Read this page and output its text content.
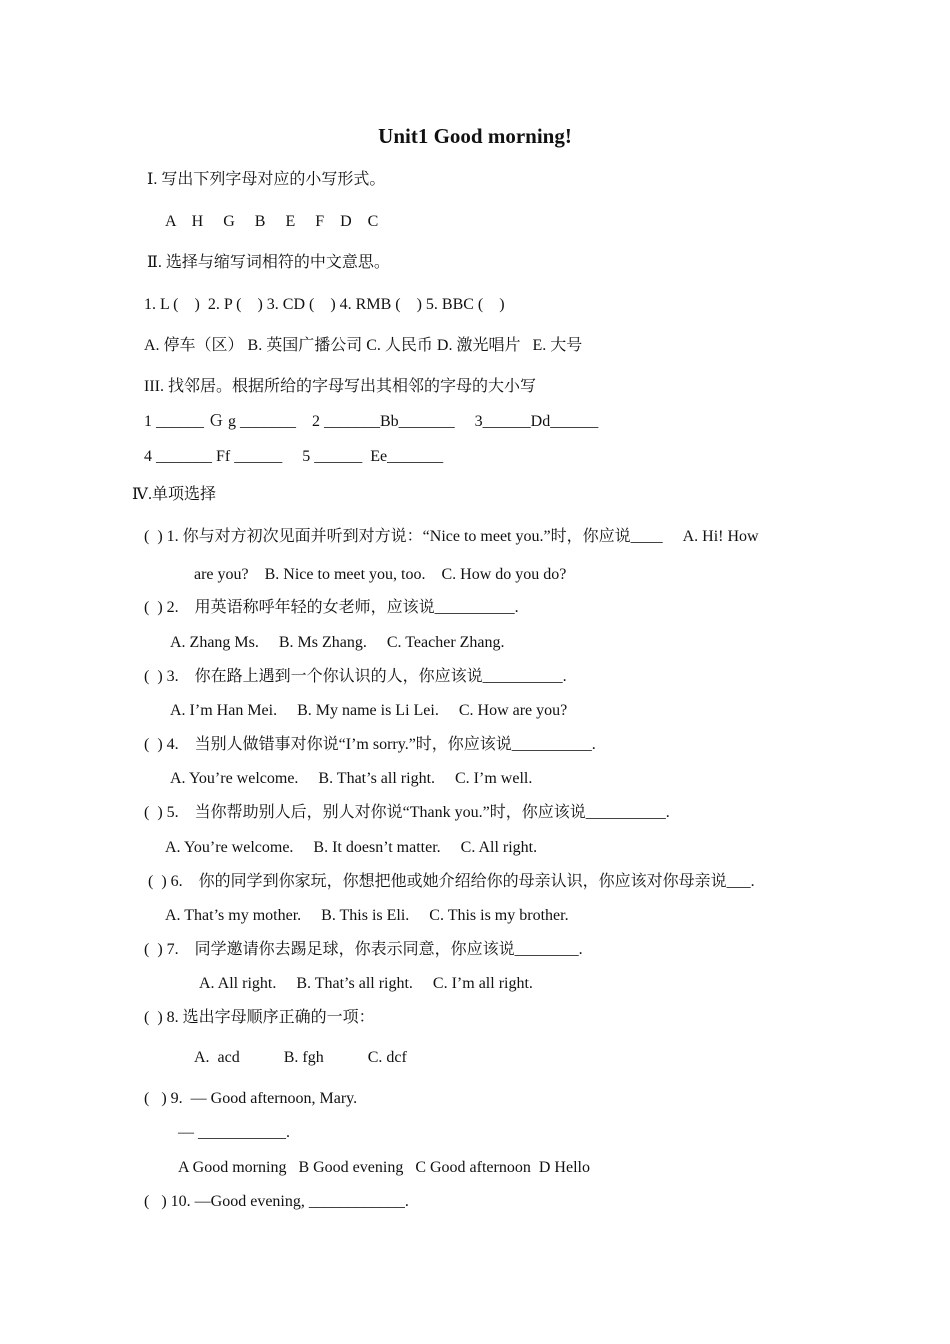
Unit1 Good morning!
Ⅰ. 写出下列字母对应的小写形式。
A    H     G     B     E     F    D    C
Ⅱ. 选择与缩写词相符的中文意思。
1. L (    )  2. P (    ) 3. CD (    ) 4. RMB (    ) 5. BBC (    )
A. 停车（区） B. 英国广播公司 C. 人民币 D. 激光唱片   E. 大号
III. 找邻居。根据所给的字母写出其相邻的字母的大小写
1 ______ Ｇ g _______    2 _______Bb_______     3______Dd______
4 _______ Ff ______     5 ______  Ee_______
Ⅳ.单项选择
(  ) 1. 你与对方初次见面并听到对方说：“Nice to meet you.”时，你应说____     A. Hi! How
are you?    B. Nice to meet you, too.    C. How do you do?
(  ) 2.    用英语称呼年轻的女老师，应该说__________.
A. Zhang Ms.     B. Ms Zhang.     C. Teacher Zhang.
(  ) 3.    你在路上遇到一个你认识的人，你应该说__________.
A. I’m Han Mei.     B. My name is Li Lei.     C. How are you?
(  ) 4.    当别人做错事对你说“I’m sorry.”时，你应该说__________.
A. You’re welcome.     B. That’s all right.     C. I’m well.
(  ) 5.    当你帮助别人后，别人对你说“Thank you.”时，你应该说__________.
A. You’re welcome.     B. It doesn’t matter.     C. All right.
(  ) 6.    你的同学到你家玩，你想把他或她介绍给你的母亲认识，你应该对你母亲说___.
A. That’s my mother.     B. This is Eli.     C. This is my brother.
(  ) 7.    同学邀请你去踢足球，你表示同意，你应该说________.
A. All right.     B. That’s all right.     C. I’m all right.
(  ) 8. 选出字母顺序正确的一项：
A.  acd           B. fgh           C. dcf
(   ) 9.  — Good afternoon, Mary.
— ___________.
A Good morning   B Good evening   C Good afternoon  D Hello
(   ) 10. —Good evening, ____________.
